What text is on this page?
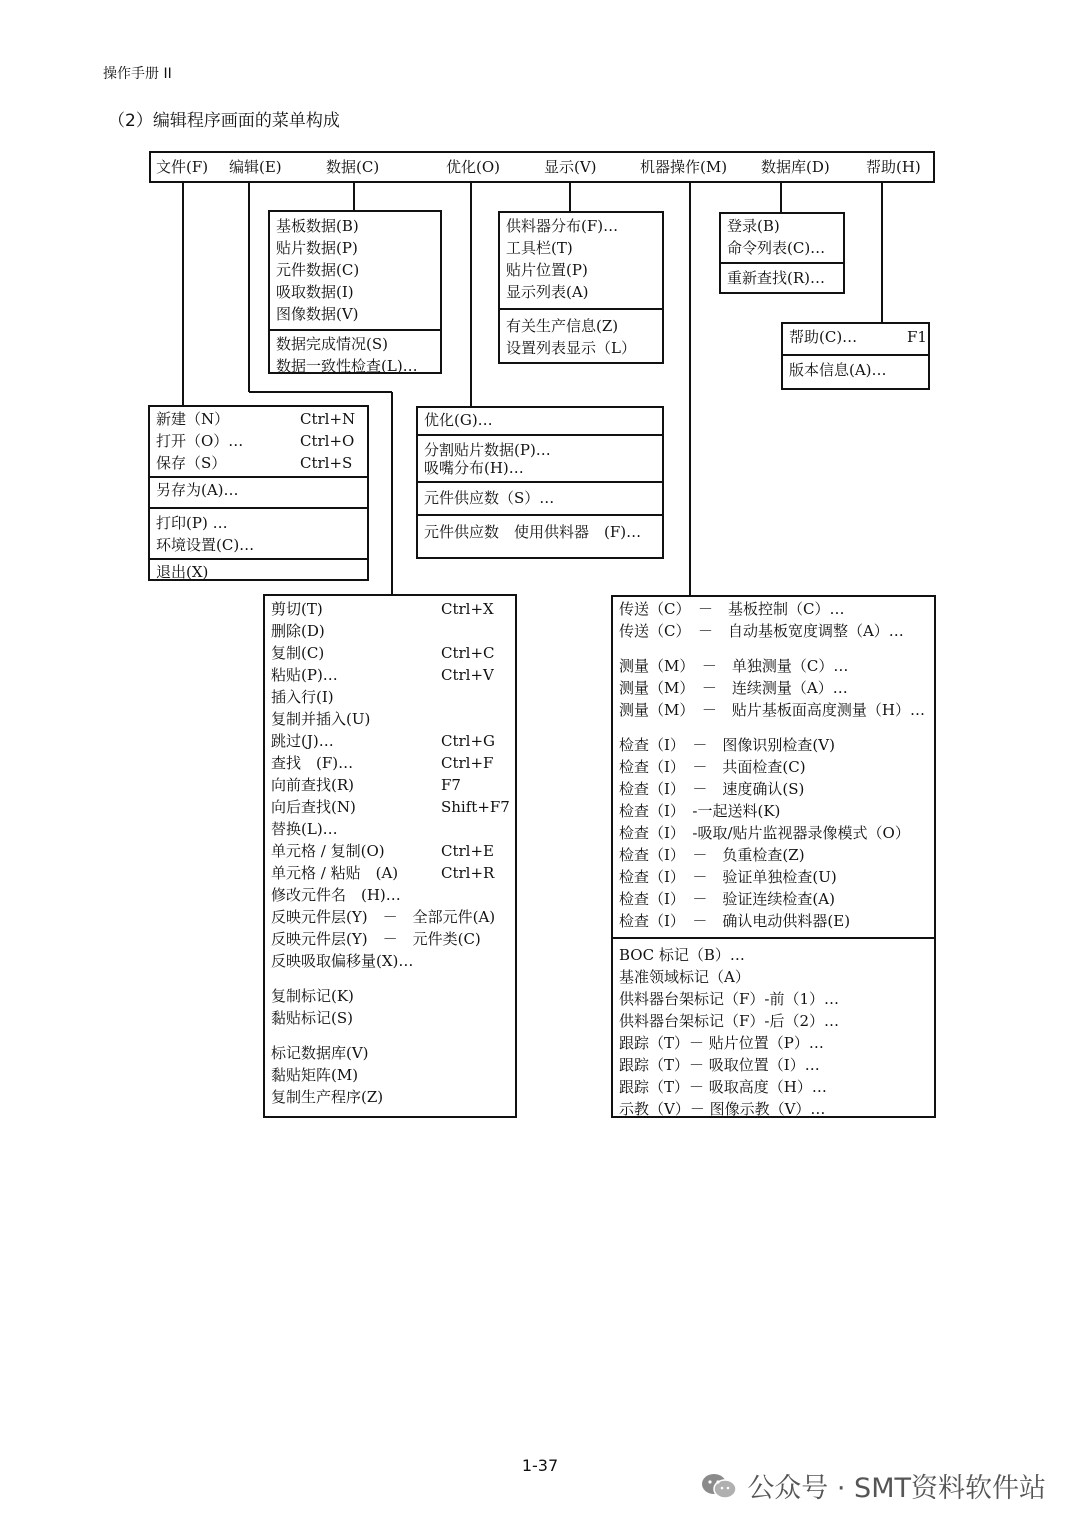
操作手册 II
（2）编辑程序画面的菜单构成
文件(F) 编辑(E)	数据(C)	优化(O)	显示(V)	机器操作(M) 数据库(D) 帮助(H)
基板数据(B)
贴片数据(P)
元件数据(C)
吸取数据(I)
图像数据(V)
数据完成情况(S)
数据一致性检查(L)…
供料器分布(F)…
工具栏(T)
贴片位置(P)
显示列表(A)
有关生产信息(Z)
设置列表显示（L）
登录(B)
命令列表(C)…
重新查找(R)…
帮助(C)…	F1
版本信息(A)…
新建（N）	Ctrl+N
打开（O）…	Ctrl+O
保存（S）	Ctrl+S
另存为(A)…
打印(P) …
环境设置(C)…
退出(X)
优化(G)…
分割贴片数据(P)…
吸嘴分布(H)…
元件供应数（S）…
元件供应数　使用供料器　(F)…
剪切(T)	Ctrl+X
删除(D)
复制(C)	Ctrl+C
粘贴(P)…	Ctrl+V
插入行(I)
复制并插入(U)
跳过(J)…	Ctrl+G
查找　(F)…	Ctrl+F
向前查找(R)	F7
向后查找(N)	Shift+F7
替换(L)…
单元格 / 复制(O)	Ctrl+E
单元格 / 粘贴　(A)	Ctrl+R
修改元件名　(H)…
反映元件层(Y)　－　全部元件(A)
反映元件层(Y)　－　元件类(C)
反映吸取偏移量(X)…
复制标记(K)
黏贴标记(S)
标记数据库(V)
黏贴矩阵(M)
复制生产程序(Z)
传送（C）　－　基板控制（C）…
传送（C）　－　自动基板宽度调整（A）…
测量（M）　－　单独测量（C）…
测量（M）　－　连续测量（A）…
测量（M）　－　贴片基板面高度测量（H）…
检查（I）　－　图像识别检查(V)
检查（I）　－　共面检查(C)
检查（I）　－　速度确认(S)
检查（I）　-一起送料(K)
检查（I）　-吸取/贴片监视器录像模式（O）
检查（I）　－　负重检查(Z)
检查（I）　－　验证单独检查(U)
检查（I）　－　验证连续检查(A)
检查（I）　－　确认电动供料器(E)
BOC 标记（B）…
基准领域标记（A）
供料器台架标记（F）-前（1）…
供料器台架标记（F）-后（2）…
跟踪（T）－ 贴片位置（P）…
跟踪（T）－ 吸取位置（I）…
跟踪（T）－ 吸取高度（H）…
示教（V）－ 图像示教（V）…
1-37
公众号 · SMT资料软件站
